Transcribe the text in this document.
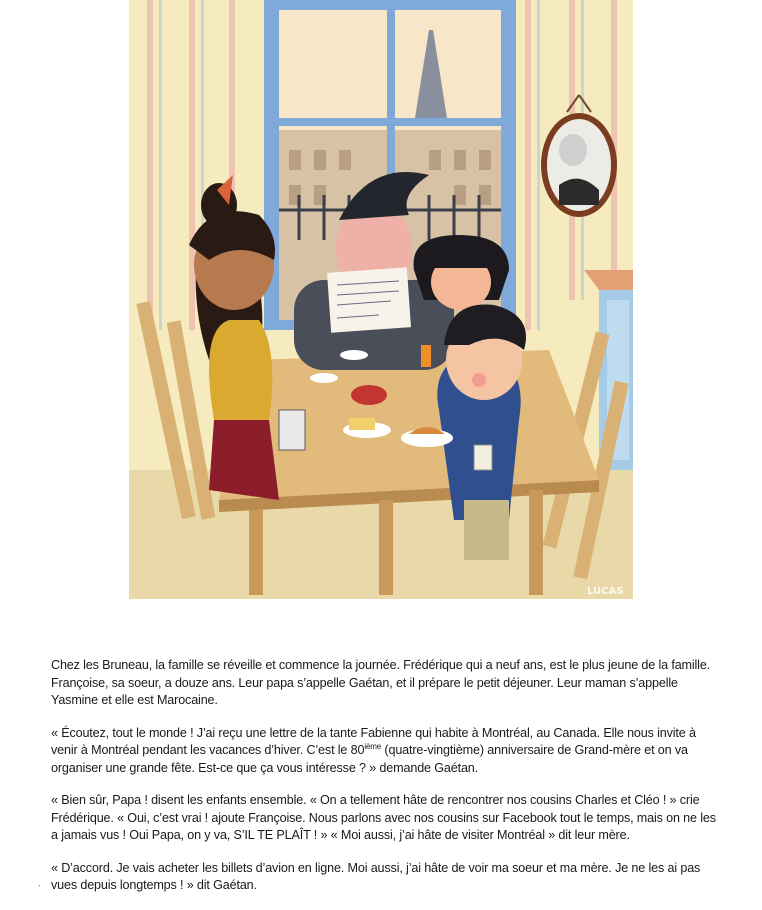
LUCAS

Chez les Bruneau, la famille se réveille et commence la journée. Frédérique qui a neuf ans, est le plus jeune de la famille. Françoise, sa soeur, a douze ans. Leur papa s’appelle Gaétan, et il prépare le petit déjeuner. Leur maman s’appelle Yasmine et elle est Marocaine.

« Écoutez, tout le monde ! J’ai reçu une lettre de la tante Fabienne qui habite à Montréal, au Canada. Elle nous invite à venir à Montréal pendant les vacances d’hiver. C’est le 80ième (quatre-vingtième) anniversaire de Grand-mère et on va organiser une grande fête. Est-ce que ça vous intéresse ? » demande Gaétan.

« Bien sûr, Papa ! disent les enfants ensemble. « On a tellement hâte de rencontrer nos cousins Charles et Cléo ! » crie Frédérique. « Oui, c’est vrai ! ajoute Françoise. Nous parlons avec nos cousins sur Facebook tout le temps, mais on ne les a jamais vus ! Oui Papa, on y va, S’IL TE PLAÎT ! » « Moi aussi, j’ai hâte de visiter Montréal » dit leur mère.

« D’accord. Je vais acheter les billets d’avion en ligne. Moi aussi, j’ai hâte de voir ma soeur et ma mère. Je ne les ai pas vues depuis longtemps ! » dit Gaétan.

´
